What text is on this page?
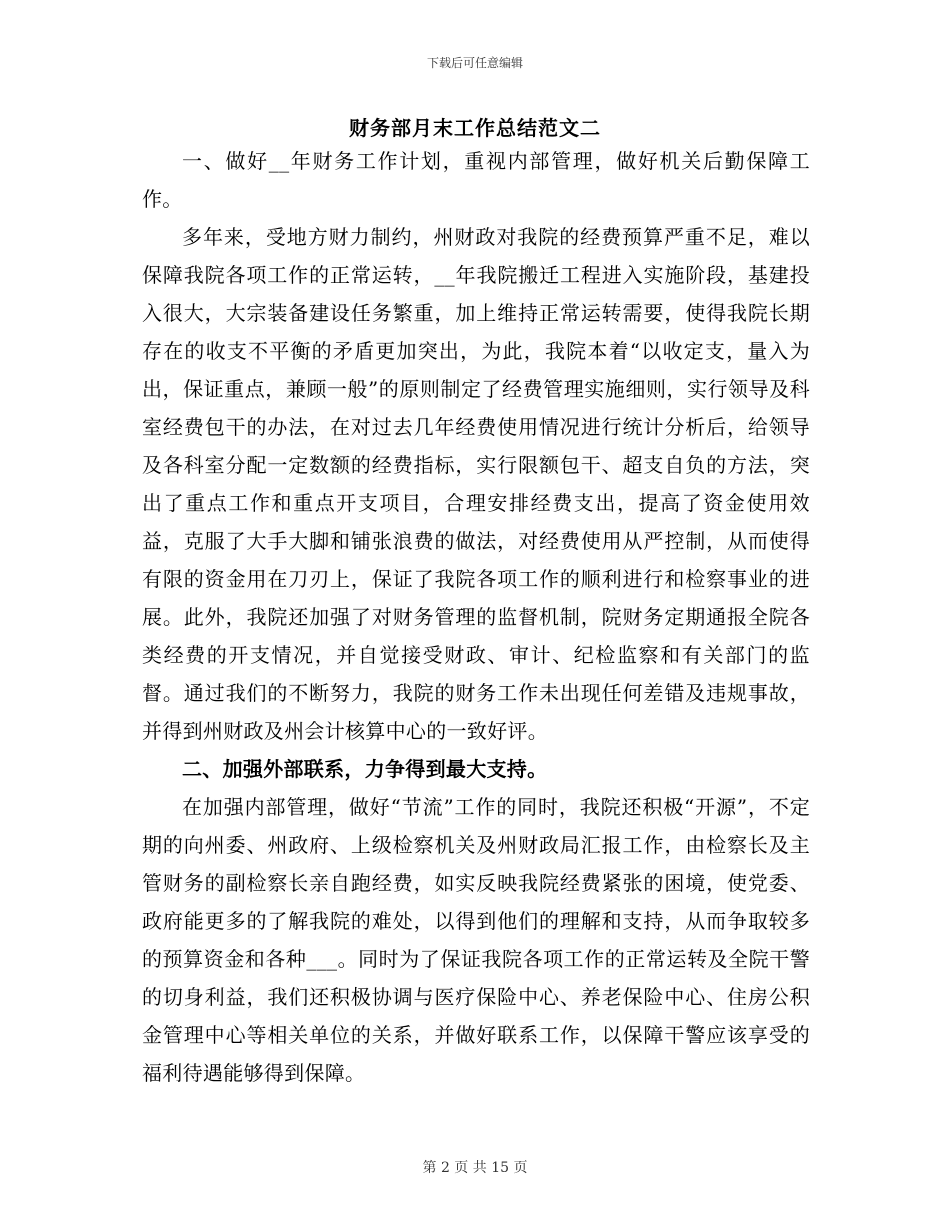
下载后可任意编辑
财务部月末工作总结范文二

一、做好__年财务工作计划，重视内部管理，做好机关后勤保障工作。

多年来，受地方财力制约，州财政对我院的经费预算严重不足，难以保障我院各项工作的正常运转，__年我院搬迁工程进入实施阶段，基建投入很大，大宗装备建设任务繁重，加上维持正常运转需要，使得我院长期存在的收支不平衡的矛盾更加突出，为此，我院本着“以收定支，量入为出，保证重点，兼顾一般”的原则制定了经费管理实施细则，实行领导及科室经费包干的办法，在对过去几年经费使用情况进行统计分析后，给领导及各科室分配一定数额的经费指标，实行限额包干、超支自负的方法，突出了重点工作和重点开支项目，合理安排经费支出，提高了资金使用效益，克服了大手大脚和铺张浪费的做法，对经费使用从严控制，从而使得有限的资金用在刀刃上，保证了我院各项工作的顺利进行和检察事业的进展。此外，我院还加强了对财务管理的监督机制，院财务定期通报全院各类经费的开支情况，并自觉接受财政、审计、纪检监察和有关部门的监督。通过我们的不断努力，我院的财务工作未出现任何差错及违规事故，并得到州财政及州会计核算中心的一致好评。

二、加强外部联系，力争得到最大支持。

在加强内部管理，做好“节流”工作的同时，我院还积极“开源”，不定期的向州委、州政府、上级检察机关及州财政局汇报工作，由检察长及主管财务的副检察长亲自跑经费，如实反映我院经费紧张的困境，使党委、政府能更多的了解我院的难处，以得到他们的理解和支持，从而争取较多的预算资金和各种___。同时为了保证我院各项工作的正常运转及全院干警的切身利益，我们还积极协调与医疗保险中心、养老保险中心、住房公积金管理中心等相关单位的关系，并做好联系工作，以保障干警应该享受的福利待遇能够得到保障。

第 2 页 共 15 页
